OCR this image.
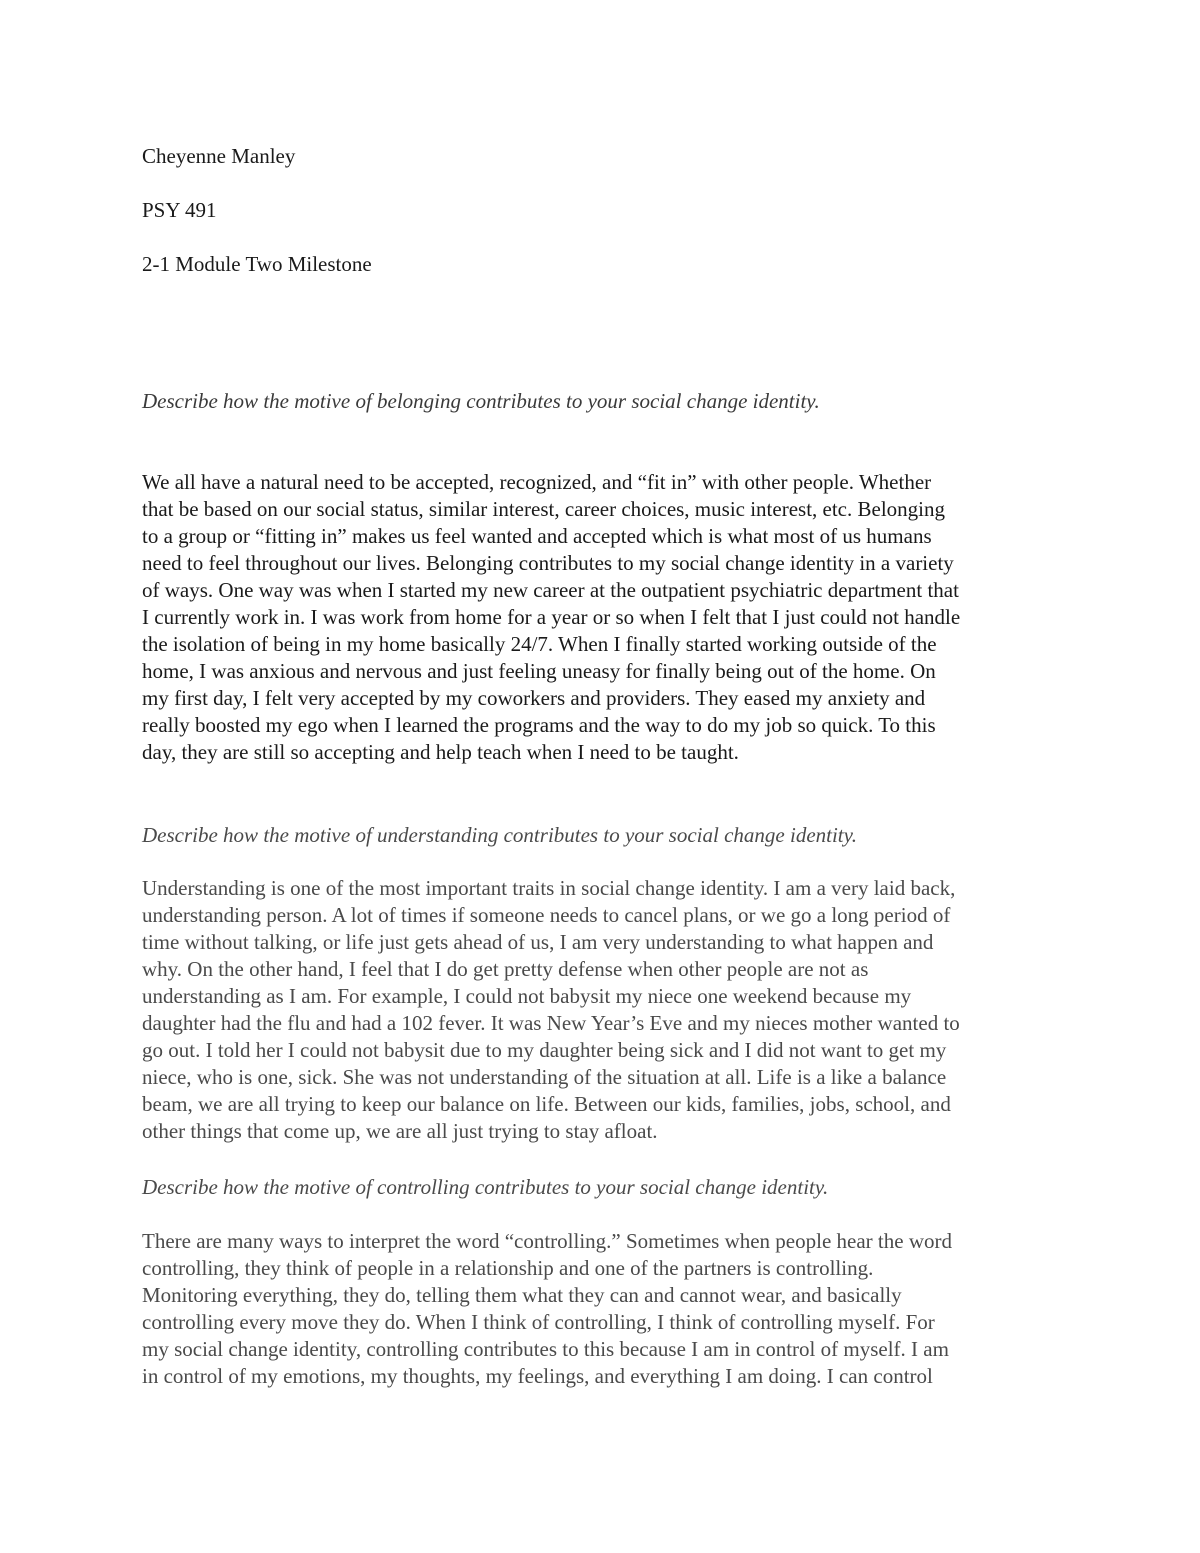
Cheyenne Manley

PSY 491

2-1 Module Two Milestone

Describe how the motive of belonging contributes to your social change identity.

We all have a natural need to be accepted, recognized, and “fit in” with other people. Whether
that be based on our social status, similar interest, career choices, music interest, etc. Belonging
to a group or “fitting in” makes us feel wanted and accepted which is what most of us humans
need to feel throughout our lives. Belonging contributes to my social change identity in a variety
of ways. One way was when I started my new career at the outpatient psychiatric department that
I currently work in. I was work from home for a year or so when I felt that I just could not handle
the isolation of being in my home basically 24/7. When I finally started working outside of the
home, I was anxious and nervous and just feeling uneasy for finally being out of the home. On
my first day, I felt very accepted by my coworkers and providers. They eased my anxiety and
really boosted my ego when I learned the programs and the way to do my job so quick. To this
day, they are still so accepting and help teach when I need to be taught.

Describe how the motive of understanding contributes to your social change identity.

Understanding is one of the most important traits in social change identity. I am a very laid back,
understanding person. A lot of times if someone needs to cancel plans, or we go a long period of
time without talking, or life just gets ahead of us, I am very understanding to what happen and
why. On the other hand, I feel that I do get pretty defense when other people are not as
understanding as I am. For example, I could not babysit my niece one weekend because my
daughter had the flu and had a 102 fever. It was New Year’s Eve and my nieces mother wanted to
go out. I told her I could not babysit due to my daughter being sick and I did not want to get my
niece, who is one, sick. She was not understanding of the situation at all. Life is a like a balance
beam, we are all trying to keep our balance on life. Between our kids, families, jobs, school, and
other things that come up, we are all just trying to stay afloat.

Describe how the motive of controlling contributes to your social change identity.

There are many ways to interpret the word “controlling.” Sometimes when people hear the word
controlling, they think of people in a relationship and one of the partners is controlling.
Monitoring everything, they do, telling them what they can and cannot wear, and basically
controlling every move they do. When I think of controlling, I think of controlling myself. For
my social change identity, controlling contributes to this because I am in control of myself. I am
in control of my emotions, my thoughts, my feelings, and everything I am doing. I can control
